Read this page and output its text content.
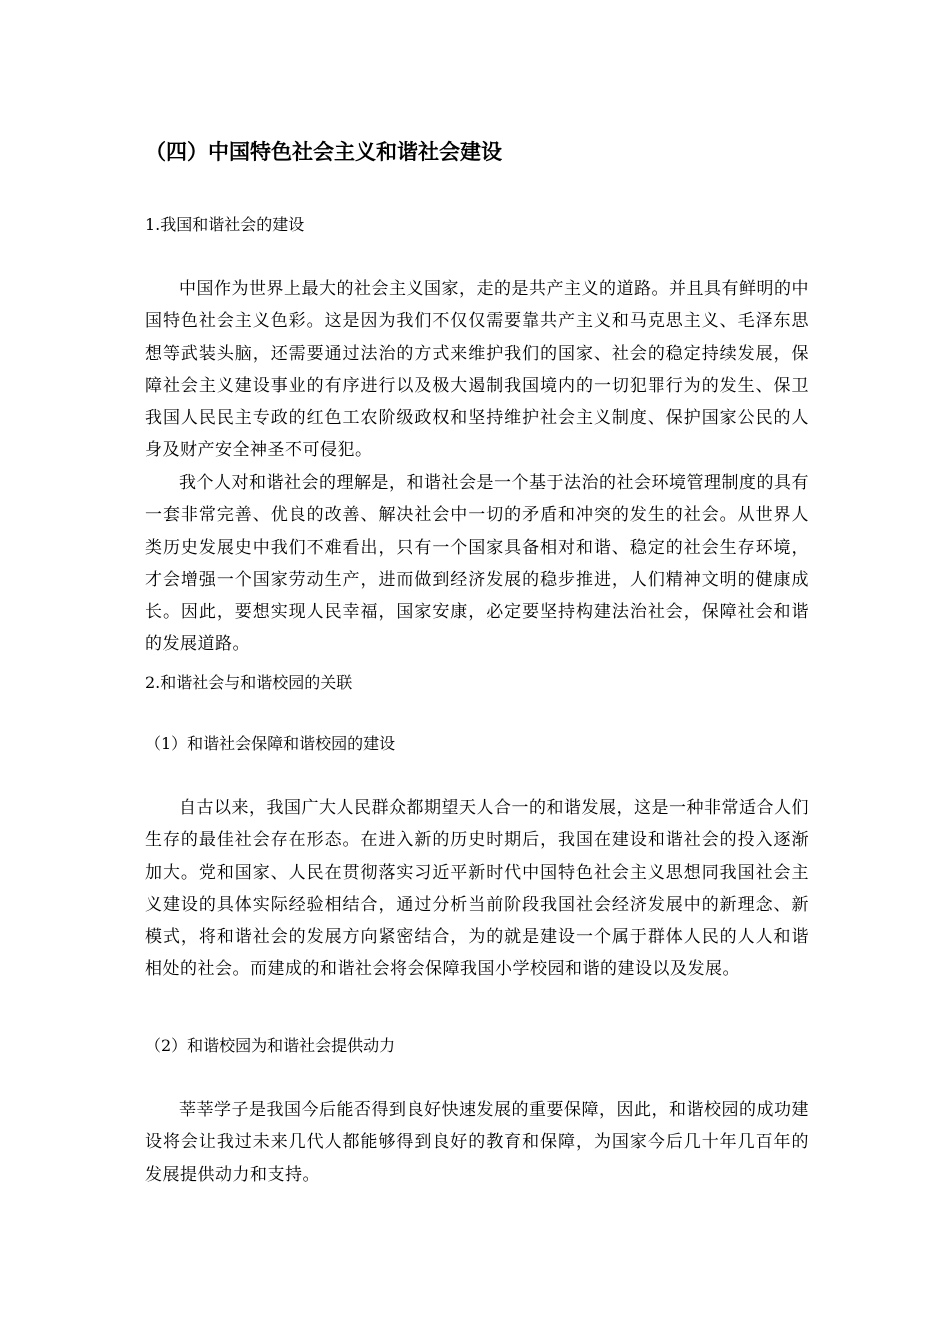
（四）中国特色社会主义和谐社会建设
1.我国和谐社会的建设

中国作为世界上最大的社会主义国家，走的是共产主义的道路。并且具有鲜明的中国特色社会主义色彩。这是因为我们不仅仅需要靠共产主义和马克思主义、毛泽东思想等武装头脑，还需要通过法治的方式来维护我们的国家、社会的稳定持续发展，保障社会主义建设事业的有序进行以及极大遏制我国境内的一切犯罪行为的发生、保卫我国人民民主专政的红色工农阶级政权和坚持维护社会主义制度、保护国家公民的人身及财产安全神圣不可侵犯。

我个人对和谐社会的理解是，和谐社会是一个基于法治的社会环境管理制度的具有一套非常完善、优良的改善、解决社会中一切的矛盾和冲突的发生的社会。从世界人类历史发展史中我们不难看出，只有一个国家具备相对和谐、稳定的社会生存环境，才会增强一个国家劳动生产，进而做到经济发展的稳步推进，人们精神文明的健康成长。因此，要想实现人民幸福，国家安康，必定要坚持构建法治社会，保障社会和谐的发展道路。

2.和谐社会与和谐校园的关联
（1）和谐社会保障和谐校园的建设

自古以来，我国广大人民群众都期望天人合一的和谐发展，这是一种非常适合人们生存的最佳社会存在形态。在进入新的历史时期后，我国在建设和谐社会的投入逐渐加大。党和国家、人民在贯彻落实习近平新时代中国特色社会主义思想同我国社会主义建设的具体实际经验相结合，通过分析当前阶段我国社会经济发展中的新理念、新模式，将和谐社会的发展方向紧密结合，为的就是建设一个属于群体人民的人人和谐相处的社会。而建成的和谐社会将会保障我国小学校园和谐的建设以及发展。

（2）和谐校园为和谐社会提供动力

莘莘学子是我国今后能否得到良好快速发展的重要保障，因此，和谐校园的成功建设将会让我过未来几代人都能够得到良好的教育和保障，为国家今后几十年几百年的发展提供动力和支持。
